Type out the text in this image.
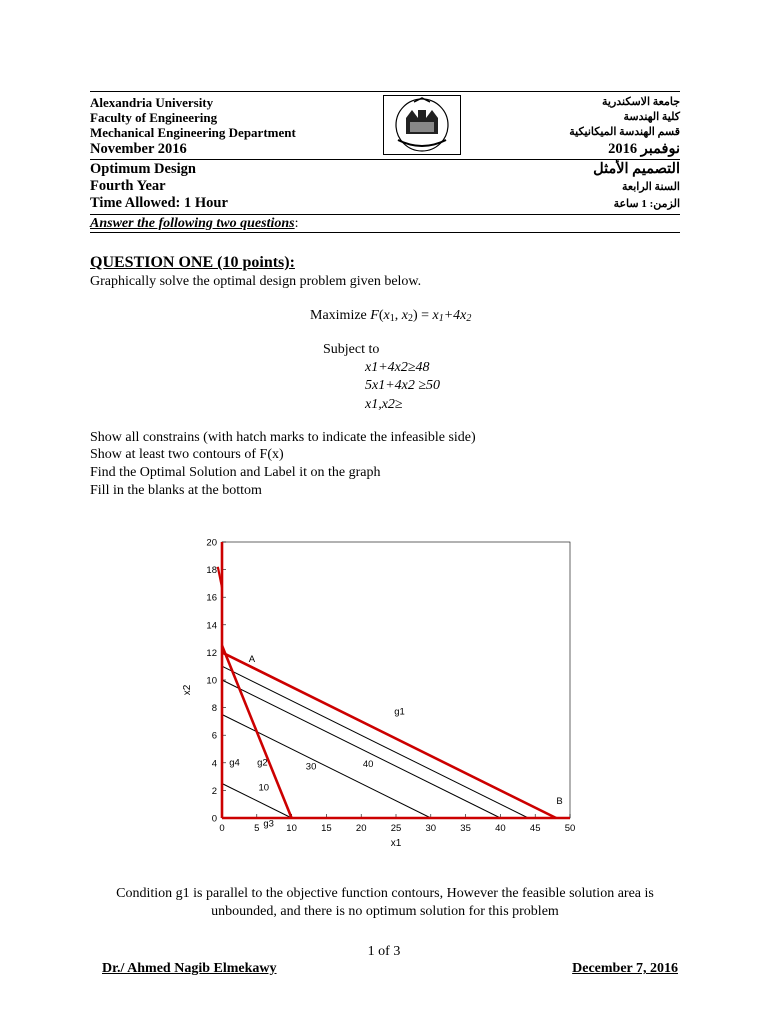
Alexandria University
Faculty of Engineering
Mechanical Engineering Department
November 2016
Optimum Design
Fourth Year
Time Allowed: 1 Hour
جامعة الاسكندرية
كلية الهندسة
قسم الهندسة الميكانيكية
نوفمبر 2016
التصميم الأمثل
السنة الرابعة
الزمن: 1 ساعة
Answer the following two questions:
QUESTION ONE (10 points):
Graphically solve the optimal design problem given below.
Maximize $F(x_1$, $x_2) = x_1+4x_2$
Subject to
x1+4x2≥48
5x1+4x2 ≥50
x1,x2≥
Show all constrains (with hatch marks to indicate the infeasible side)
Show at least two contours of F(x)
Find the Optimal Solution and Label it on the graph
Fill in the blanks at the bottom
0	5	10	15	20	25	30	35	40	45	50
0
2
4
6
8
10
12
14
16
18
20
A
B
g1
g2
g4
g3
10
30	40
x1
x2
Condition g1 is parallel to the objective function contours, However the feasible solution area is unbounded, and there is no optimum solution for this problem
1 of 3
Dr./ Ahmed Nagib Elmekawy	December 7, 2016
